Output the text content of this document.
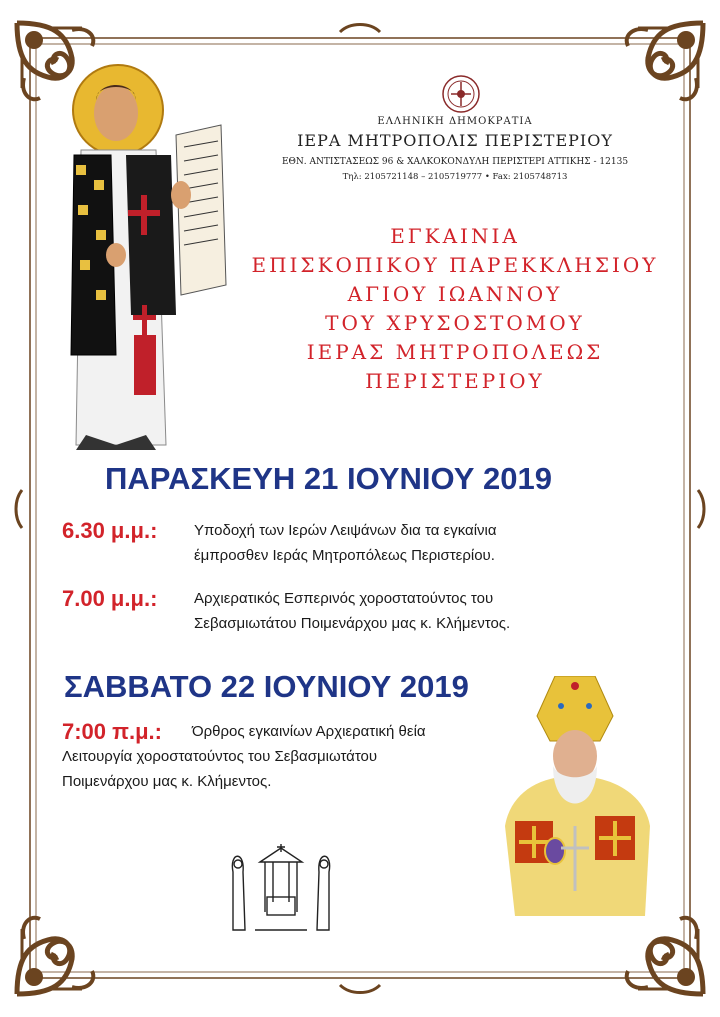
ΕΛΛΗΝΙΚΗ ΔΗΜΟΚΡΑΤΙΑ
ΙΕΡΑ ΜΗΤΡΟΠΟΛΙΣ ΠΕΡΙΣΤΕΡΙΟΥ
ΕΘΝ. ΑΝΤΙΣΤΑΣΕΩΣ 96 & ΧΑΛΚΟΚΟΝΔΥΛΗ ΠΕΡΙΣΤΕΡΙ ΑΤΤΙΚΗΣ - 12135
Τηλ: 2105721148 – 2105719777 • Fax: 2105748713
ΕΓΚΑΙΝΙΑ
ΕΠΙΣΚΟΠΙΚΟΥ ΠΑΡΕΚΚΛΗΣΙΟΥ
ΑΓΙΟΥ ΙΩΑΝΝΟΥ
ΤΟΥ ΧΡΥΣΟΣΤΟΜΟΥ
ΙΕΡΑΣ ΜΗΤΡΟΠΟΛΕΩΣ ΠΕΡΙΣΤΕΡΙΟΥ
ΠΑΡΑΣΚΕΥΗ 21 ΙΟΥΝΙΟΥ 2019
6.30 μ.μ.: Υποδοχή των Ιερών Λειψάνων δια τα εγκαίνια
έμπροσθεν Ιεράς Μητροπόλεως Περιστερίου.
7.00 μ.μ.: Αρχιερατικός Εσπερινός χοροστατούντος του
Σεβασμιωτάτου Ποιμενάρχου μας κ. Κλήμεντος.
ΣΑΒΒΑΤΟ 22 ΙΟΥΝΙΟΥ 2019
7:00 π.μ.:	Όρθρος εγκαινίων Αρχιερατική θεία
Λειτουργία χοροστατούντος του Σεβασμιωτάτου
Ποιμενάρχου μας κ. Κλήμεντος.
